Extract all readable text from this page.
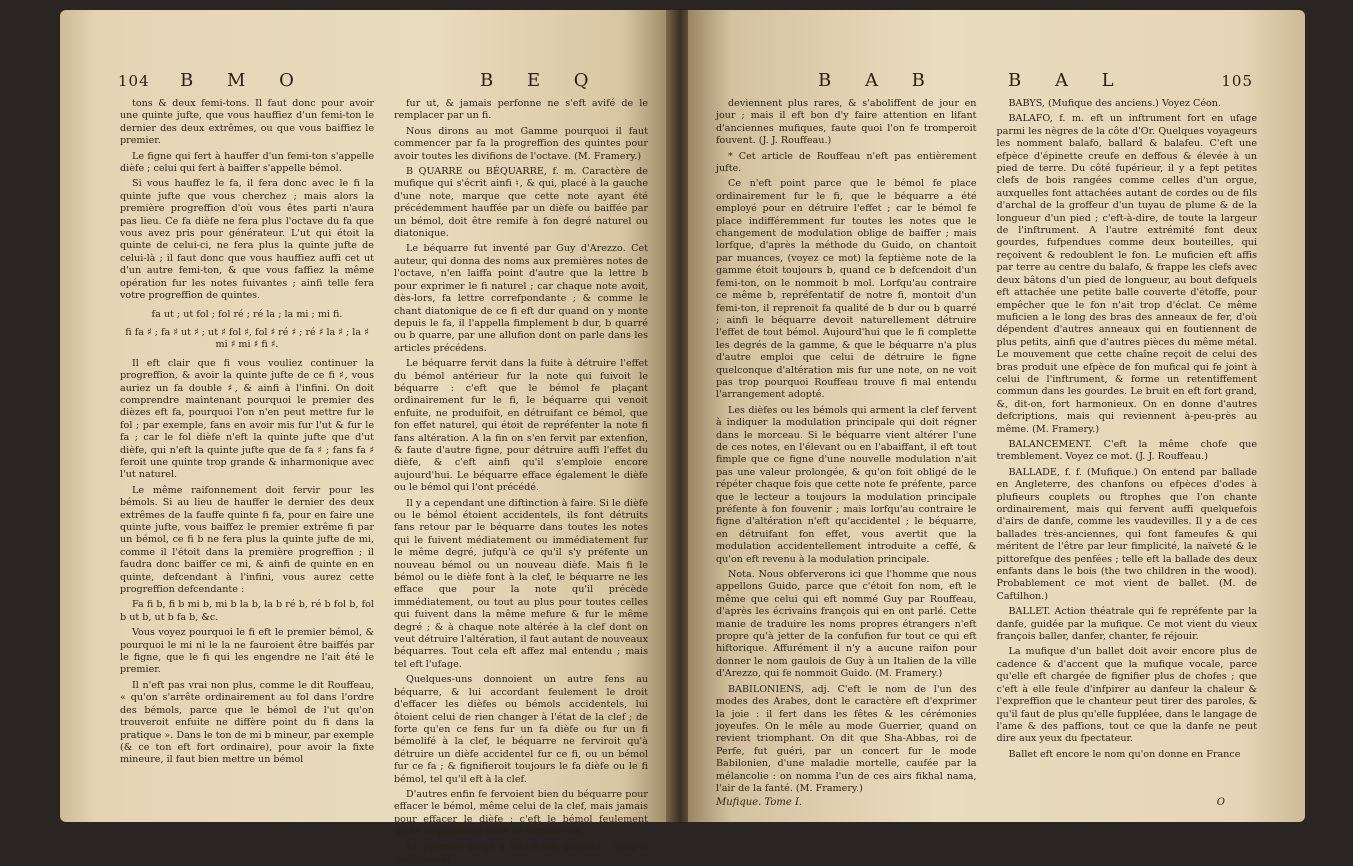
104 B M O	B E Q

tons & deux femi-tons. Il faut donc pour avoir une quinte jufte, que vous hauffiez d'un femi-ton le dernier des deux extrêmes, ou que vous baiffiez le premier.

Le figne qui fert à hauffer d'un femi-ton s'appelle dièfe ; celui qui fert à baiffer s'appelle bémol.

Si vous hauffez le fa, il fera donc avec le fi la quinte jufte que vous cherchez ; mais alors la première progreffion d'où vous êtes parti n'aura pas lieu. Ce fa dièfe ne fera plus l'octave du fa que vous avez pris pour générateur. L'ut qui étoit la quinte de celui-ci, ne fera plus la quinte jufte de celui-là ; il faut donc que vous hauffiez auffi cet ut d'un autre femi-ton, & que vous faffiez la même opération fur les notes fuivantes ; ainfi telle fera votre progreffion de quintes.

fa ut ; ut fol ; fol ré ; ré la ; la mi ; mi fi.

fi fa ♯ ; fa ♯ ut ♯ ; ut ♯ fol ♯, fol ♯ ré ♯ ; ré ♯ la ♯ ; la ♯ mi ♯ mi ♯ fi ♯.

Il eft clair que fi vous vouliez continuer la progreffion, & avoir la quinte jufte de ce fi ♯, vous auriez un fa double ♯, & ainfi à l'infini. On doit comprendre maintenant pourquoi le premier des dièzes eft fa, pourquoi l'on n'en peut mettre fur le fol ; par exemple, fans en avoir mis fur l'ut & fur le fa ; car le fol dièfe n'eft la quinte jufte que d'ut dièfe, qui n'eft la quinte jufte que de fa ♯ ; fans fa ♯ feroit une quinte trop grande & inharmonique avec l'ut naturel.

Le même raifonnement doit fervir pour les bémols. Si au lieu de hauffer le dernier des deux extrêmes de la fauffe quinte fi fa, pour en faire une quinte jufte, vous baiffez le premier extrême fi par un bémol, ce fi b ne fera plus la quinte jufte de mi, comme il l'étoit dans la première progreffion ; il faudra donc baiffer ce mi, & ainfi de quinte en en quinte, defcendant à l'infini, vous aurez cette progreffion defcendante :

Fa fi b, fi b mi b, mi b la b, la b ré b, ré b fol b, fol b ut b, ut b fa b, &c.

Vous voyez pourquoi le fi eft le premier bémol, & pourquoi le mi ni le la ne fauroient être baiffés par le figne, que le fi qui les engendre ne l'ait été le premier.

Il n'eft pas vrai non plus, comme le dit Rouffeau, « qu'on s'arrête ordinairement au fol dans l'ordre des bémols, parce que le bémol de l'ut qu'on trouveroit enfuite ne diffère point du fi dans la pratique ». Dans le ton de mi b mineur, par exemple (& ce ton eft fort ordinaire), pour avoir la fixte mineure, il faut bien mettre un bémol

fur ut, & jamais perfonne ne s'eft avifé de le remplacer par un fi.

Nous dirons au mot Gamme pourquoi il faut commencer par fa la progreffion des quintes pour avoir toutes les divifions de l'octave. (M. Framery.)

B QUARRE ou BÉQUARRE, f. m. Caractère de mufique qui s'écrit ainfi ♮, & qui, placé à la gauche d'une note, marque que cette note ayant été précédemment hauffée par un dièfe ou baiffée par un bémol, doit être remife à fon degré naturel ou diatonique.

Le béquarre fut inventé par Guy d'Arezzo. Cet auteur, qui donna des noms aux premières notes de l'octave, n'en laiffa point d'autre que la lettre b pour exprimer le fi naturel ; car chaque note avoit, dès-lors, fa lettre correfpondante ; & comme le chant diatonique de ce fi eft dur quand on y monte depuis le fa, il l'appella fimplement b dur, b quarré ou b quarre, par une allufion dont on parle dans les articles précédens.

Le béquarre fervit dans la fuite à détruire l'effet du bémol antérieur fur la note qui fuivoit le béquarre : c'eft que le bémol fe plaçant ordinairement fur le fi, le béquarre qui venoit enfuite, ne produifoit, en détruifant ce bémol, que fon effet naturel, qui étoit de repréfenter la note fi fans altération. A la fin on s'en fervit par extenfion, & faute d'autre figne, pour détruire auffi l'effet du dièfe, & c'eft ainfi qu'il s'emploie encore aujourd'hui. Le béquarre efface également le dièfe ou le bémol qui l'ont précédé.

Il y a cependant une diftinction à faire. Si le dièfe ou le bémol étoient accidentels, ils font détruits fans retour par le béquarre dans toutes les notes qui le fuivent médiatement ou immédiatement fur le même degré, jufqu'à ce qu'il s'y préfente un nouveau bémol ou un nouveau dièfe. Mais fi le bémol ou le dièfe font à la clef, le béquarre ne les efface que pour la note qu'il précède immédiatement, ou tout au plus pour toutes celles qui fuivent dans la même mefure & fur le même degré ; & à chaque note altérée à la clef dont on veut détruire l'altération, il faut autant de nouveaux béquarres. Tout cela eft affez mal entendu ; mais tel eft l'ufage.

Quelques-uns donnoient un autre fens au béquarre, & lui accordant feulement le droit d'effacer les dièfes ou bémols accidentels, lui ôtoient celui de rien changer à l'état de la clef ; de forte qu'en ce fens fur un fa dièfe ou fur un fi bémolifé à la clef, le béquarre ne ferviroit qu'à détruire un dièfe accidentel fur ce fi, ou un bémol fur ce fa ; & fignifieroit toujours le fa dièfe ou le fi bémol, tel qu'il eft à la clef.

D'autres enfin fe fervoient bien du béquarre pour effacer le bémol, même celui de la clef, mais jamais pour effacer le dièfe : c'eft le bémol feulement qu'ils employoient dans ce dernier cas.

Le premier ufage a tout-à-fait prévalu ; ceux-ci devienment

B A B	B A L	105

deviennent plus rares, & s'aboliffent de jour en jour ; mais il eft bon d'y faire attention en lifant d'anciennes mufiques, faute quoi l'on fe tromperoit fouvent. (J. J. Rouffeau.)

* Cet article de Rouffeau n'eft pas entièrement jufte.

Ce n'eft point parce que le bémol fe place ordinairement fur le fi, que le béquarre a été employé pour en détruire l'effet ; car le bémol fe place indifféremment fur toutes les notes que le changement de modulation oblige de baiffer ; mais lorfque, d'après la méthode du Guido, on chantoit par muances, (voyez ce mot) la feptième note de la gamme étoit toujours b, quand ce b defcendoit d'un femi-ton, on le nommoit b mol. Lorfqu'au contraire ce même b, repréfentatif de notre fi, montoit d'un femi-ton, il reprenoit fa qualité de b dur ou b quarré ; ainfi le béquarre devoit naturellement détruire l'effet de tout bémol. Aujourd'hui que le fi complette les degrés de la gamme, & que le béquarre n'a plus d'autre emploi que celui de détruire le figne quelconque d'altération mis fur une note, on ne voit pas trop pourquoi Rouffeau trouve fi mal entendu l'arrangement adopté.

Les dièfes ou les bémols qui arment la clef fervent à indiquer la modulation principale qui doit régner dans le morceau. Si le béquarre vient altérer l'une de ces notes, en l'élevant ou en l'abaiffant, il eft tout fimple que ce figne d'une nouvelle modulation n'ait pas une valeur prolongée, & qu'on foit obligé de le répéter chaque fois que cette note fe préfente, parce que le lecteur a toujours la modulation principale préfente à fon fouvenir ; mais lorfqu'au contraire le figne d'altération n'eft qu'accidentel ; le béquarre, en détruifant fon effet, vous avertit que la modulation accidentellement introduite a ceffé, & qu'on eft revenu à la modulation principale.

Nota. Nous obferverons ici que l'homme que nous appellons Guido, parce que c'étoit fon nom, eft le même que celui qui eft nommé Guy par Rouffeau, d'après les écrivains françois qui en ont parlé. Cette manie de traduire les noms propres étrangers n'eft propre qu'à jetter de la confufion fur tout ce qui eft hiftorique. Affurément il n'y a aucune raifon pour donner le nom gaulois de Guy à un Italien de la ville d'Arezzo, qui fe nommoit Guido. (M. Framery.)

BABILONIENS, adj. C'eft le nom de l'un des modes des Arabes, dont le caractère eft d'exprimer la joie : il fert dans les fêtes & les cérémonies joyeufes. On le mêle au mode Guerrier, quand on revient triomphant. On dit que Sha-Abbas, roi de Perfe, fut guéri, par un concert fur le mode Babilonien, d'une maladie mortelle, caufée par la mélancolie : on nomma l'un de ces airs fikhal nama, l'air de la fanté. (M. Framery.)

BABYS, (Mufique des anciens.) Voyez Céon.

BALAFO, f. m. eft un inftrument fort en ufage parmi les nègres de la côte d'Or. Quelques voyageurs les nomment balafo, ballard & balafeu. C'eft une efpèce d'épinette creufe en deffous & élevée à un pied de terre. Du côté fupérieur, il y a fept petites clefs de bois rangées comme celles d'un orgue, auxquelles font attachées autant de cordes ou de fils d'archal de la groffeur d'un tuyau de plume & de la longueur d'un pied ; c'eft-à-dire, de toute la largeur de l'inftrument. A l'autre extrémité font deux gourdes, fufpendues comme deux bouteilles, qui reçoivent & redoublent le fon. Le muficien eft affis par terre au centre du balafo, & frappe les clefs avec deux bâtons d'un pied de longueur, au bout defquels eft attachée une petite balle couverte d'étoffe, pour empêcher que le fon n'ait trop d'éclat. Ce même muficien a le long des bras des anneaux de fer, d'où dépendent d'autres anneaux qui en foutiennent de plus petits, ainfi que d'autres pièces du même métal. Le mouvement que cette chaîne reçoit de celui des bras produit une efpèce de fon mufical qui fe joint à celui de l'inftrument, & forme un retentiffement commun dans les gourdes. Le bruit en eft fort grand, &, dit-on, fort harmonieux. On en donne d'autres defcriptions, mais qui reviennent à-peu-près au même. (M. Framery.)

BALANCEMENT. C'eft la même chofe que tremblement. Voyez ce mot. (J. J. Rouffeau.)

BALLADE, f. f. (Mufique.) On entend par ballade en Angleterre, des chanfons ou efpèces d'odes à plufieurs couplets ou ftrophes que l'on chante ordinairement, mais qui fervent auffi quelquefois d'airs de danfe, comme les vaudevilles. Il y a de ces ballades très-anciennes, qui font fameufes & qui méritent de l'être par leur fimplicité, la naïveté & le pittorefque des penfées ; telle eft la ballade des deux enfants dans le bois (the two children in the wood). Probablement ce mot vient de ballet. (M. de Caftilhon.)

BALLET. Action théatrale qui fe repréfente par la danfe, guidée par la mufique. Ce mot vient du vieux françois baller, danfer, chanter, fe réjouir.

La mufique d'un ballet doit avoir encore plus de cadence & d'accent que la mufique vocale, parce qu'elle eft chargée de fignifier plus de chofes ; que c'eft à elle feule d'infpirer au danfeur la chaleur & l'expreffion que le chanteur peut tirer des paroles, & qu'il faut de plus qu'elle fuppléee, dans le langage de l'ame & des paffions, tout ce que la danfe ne peut dire aux yeux du fpectateur.

Ballet eft encore le nom qu'on donne en France

Mufique. Tome I.	O
